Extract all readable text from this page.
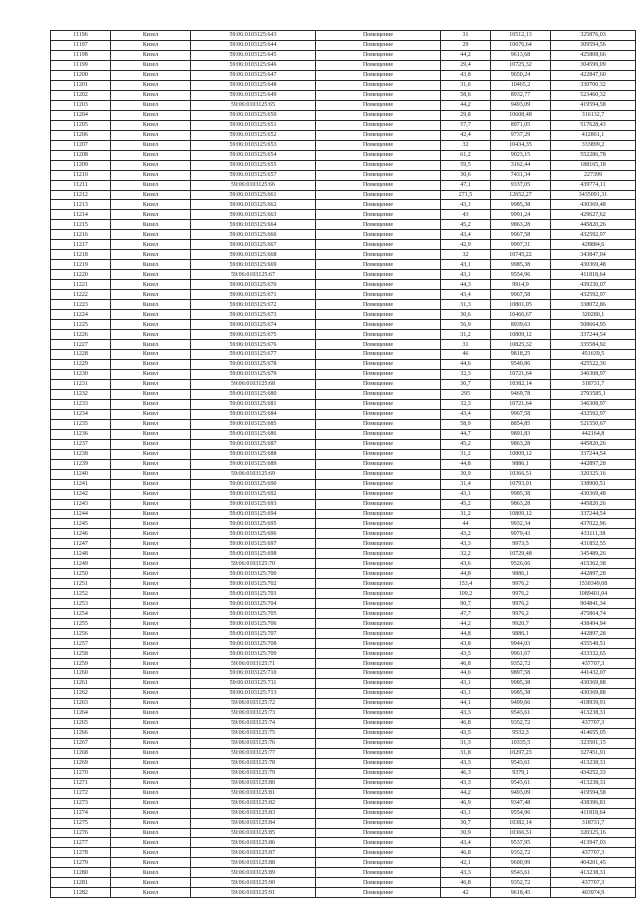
11196	Кизел	59:06:0103125:643	Помещение	31	10512,13	325876,03
11197	Кизел	59:06:0103125:644	Помещение	29	10676,64	309594,56
11198	Кизел	59:06:0103125:645	Помещение	44,2	9613,68	425808,66
11199	Кизел	59:06:0103125:646	Помещение	29,4	10725,32	304599,09
11200	Кизел	59:06:0103125:647	Помещение	43,8	9650,24	422847,60
11201	Кизел	59:06:0103125:648	Помещение	31,6	10465,2	330700,32
11202	Кизел	59:06:0103125:649	Помещение	58,6	8932,77	523460,32
11203	Кизел	59:06:0103125:65	Помещение	44,2	9493,09	419594,58
11204	Кизел	59:06:0103125:650	Помещение	29,8	10608,48	316132,7
11205	Кизел	59:06:0103125:651	Помещение	57,7	8971,05	517628,43
11206	Кизел	59:06:0103125:652	Помещение	42,4	9737,29	412861,1
11207	Кизел	59:06:0103125:653	Помещение	32	10434,35	333899,2
11208	Кизел	59:06:0103125:654	Помещение	61,2	9023,15	552286,78
11209	Кизел	59:06:0103125:655	Помещение	59,5	3162,44	188165,18
11210	Кизел	59:06:0103125:657	Помещение	30,6	7431,34	227399
11211	Кизел	59:06:0103125:66	Помещение	47,1	9337,05	439774,11
11212	Кизел	59:06:0103125:661	Помещение	271,5	12652,27	3435091,31
11213	Кизел	59:06:0103125:662	Помещение	43,1	9985,38	430369,48
11214	Кизел	59:06:0103125:663	Помещение	43	9991,24	429627,62
11215	Кизел	59:06:0103125:664	Помещение	45,2	9863,28	445820,26
11216	Кизел	59:06:0103125:666	Помещение	43,4	9967,58	432592,97
11217	Кизел	59:06:0103125:667	Помещение	42,9	9997,31	428884,6
11218	Кизел	59:06:0103125:668	Помещение	32	10745,22	343847,04
11219	Кизел	59:06:0103125:669	Помещение	43,1	9985,38	430369,48
11220	Кизел	59:06:0103125:67	Помещение	43,1	9554,96	411818,64
11221	Кизел	59:06:0103125:670	Помещение	44,3	9914,9	439230,07
11222	Кизел	59:06:0103125:671	Помещение	43,4	9967,58	432592,97
11223	Кизел	59:06:0103125:672	Помещение	31,3	10801,05	338072,86
11224	Кизел	59:06:0103125:673	Помещение	30,6	10466,67	320280,1
11225	Кизел	59:06:0103125:674	Помещение	56,9	8939,63	508664,95
11226	Кизел	59:06:0103125:675	Помещение	31,2	10809,12	337244,54
11227	Кизел	59:06:0103125:676	Помещение	31	10825,32	335584,92
11228	Кизел	59:06:0103125:677	Помещение	46	9818,25	451639,5
11229	Кизел	59:06:0103125:678	Помещение	44,6	9540,86	425522,36
11230	Кизел	59:06:0103125:679	Помещение	32,3	10721,64	346308,97
11231	Кизел	59:06:0103125:68	Помещение	30,7	10382,14	318731,7
11232	Кизел	59:06:0103125:680	Помещение	295	9469,78	2793585,1
11233	Кизел	59:06:0103125:681	Помещение	32,3	10721,64	346308,97
11234	Кизел	59:06:0103125:684	Помещение	43,4	9967,58	432592,97
11235	Кизел	59:06:0103125:685	Помещение	58,9	8854,85	521550,67
11236	Кизел	59:06:0103125:686	Помещение	44,7	9891,83	442164,8
11237	Кизел	59:06:0103125:687	Помещение	45,2	9863,28	445820,26
11238	Кизел	59:06:0103125:688	Помещение	31,2	10809,12	337244,54
11239	Кизел	59:06:0103125:689	Помещение	44,8	9886,1	442897,28
11240	Кизел	59:06:0103125:69	Помещение	30,9	10366,51	320325,16
11241	Кизел	59:06:0103125:690	Помещение	31,4	10793,01	338900,51
11242	Кизел	59:06:0103125:692	Помещение	43,1	9985,38	430369,48
11243	Кизел	59:06:0103125:693	Помещение	45,2	9863,28	445820,26
11244	Кизел	59:06:0103125:694	Помещение	31,2	10809,12	337244,54
11245	Кизел	59:06:0103125:695	Помещение	44	9932,34	437022,96
11246	Кизел	59:06:0103125:696	Помещение	43,2	9979,43	431111,38
11247	Кизел	59:06:0103125:697	Помещение	43,3	9973,5	431852,55
11248	Кизел	59:06:0103125:698	Помещение	32,2	10729,48	345489,26
11249	Кизел	59:06:0103125:70	Помещение	43,6	9526,66	415362,38
11250	Кизел	59:06:0103125:700	Помещение	44,8	9886,1	442897,28
11251	Кизел	59:06:0103125:702	Помещение	153,4	9976,2	1530349,08
11252	Кизел	59:06:0103125:703	Помещение	109,2	9976,2	1089401,04
11253	Кизел	59:06:0103125:704	Помещение	90,7	9976,2	904841,34
11254	Кизел	59:06:0103125:705	Помещение	47,7	9976,2	475864,74
11255	Кизел	59:06:0103125:706	Помещение	44,2	9920,7	438494,94
11256	Кизел	59:06:0103125:707	Помещение	44,8	9886,1	442897,28
11257	Кизел	59:06:0103125:708	Помещение	43,8	9944,03	435548,51
11258	Кизел	59:06:0103125:709	Помещение	43,5	9961,67	433332,65
11259	Кизел	59:06:0103125:71	Помещение	46,8	9352,72	437707,3
11260	Кизел	59:06:0103125:710	Помещение	44,6	9897,58	441432,07
11261	Кизел	59:06:0103125:711	Помещение	43,1	9985,38	430369,88
11262	Кизел	59:06:0103125:713	Помещение	43,1	9985,38	430369,88
11263	Кизел	59:06:0103125:72	Помещение	44,1	9499,66	418939,91
11264	Кизел	59:06:0103125:73	Помещение	43,3	9543,61	413238,31
11265	Кизел	59:06:0103125:74	Помещение	46,8	9352,72	437707,3
11266	Кизел	59:06:0103125:75	Помещение	43,5	9532,3	414655,05
11267	Кизел	59:06:0103125:76	Помещение	31,3	10335,5	323501,15
11268	Кизел	59:06:0103125:77	Помещение	31,8	10297,23	327451,91
11269	Кизел	59:06:0103125:78	Помещение	43,3	9543,61	413238,31
11270	Кизел	59:06:0103125:79	Помещение	46,3	9379,1	434252,33
11271	Кизел	59:06:0103125:80	Помещение	43,3	9543,61	413238,31
11272	Кизел	59:06:0103125:81	Помещение	44,2	9493,09	419594,58
11273	Кизел	59:06:0103125:82	Помещение	46,9	9347,48	438396,81
11274	Кизел	59:06:0103125:83	Помещение	43,1	9554,96	411818,64
11275	Кизел	59:06:0103125:84	Помещение	30,7	10382,14	318731,7
11276	Кизел	59:06:0103125:85	Помещение	30,9	10366,51	320325,16
11277	Кизел	59:06:0103125:86	Помещение	43,4	9537,95	413947,03
11278	Кизел	59:06:0103125:87	Помещение	46,8	9352,72	437707,3
11279	Кизел	59:06:0103125:88	Помещение	42,1	9600,99	404201,45
11280	Кизел	59:06:0103125:89	Помещение	43,3	9543,61	413238,31
11281	Кизел	59:06:0103125:90	Помещение	46,8	9352,72	437707,3
11282	Кизел	59:06:0103125:91	Помещение	42	9618,45	403974,9
